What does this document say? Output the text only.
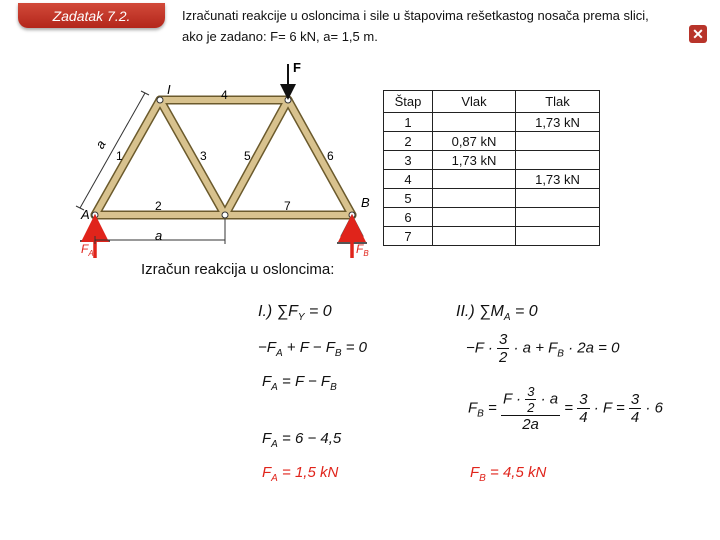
Zadatak 7.2.	Izračunati reakcije u osloncima i sile u štapovima rešetkastog nosača prema slici,
ako je zadano: F= 6 kN, a= 1,5 m.	✕
F
A
B
I
a
a
$F_A$	$F_B$
1
2
3
4
5	6
7
Štap	Vlak	Tlak
1		1,73 kN
2	0,87 kN	
3	1,73 kN	
4		1,73 kN
5		
6		
7		
Izračun reakcija u osloncima:
I.) $\sum F_Y = 0$
$-F_A + F - F_B = 0$
$F_A = F - F_B$
$F_A = 6 - 4,5$
$F_A = 1,5$ kN
II.) $\sum M_A = 0$
$-F \cdot \frac{3}{2} \cdot a + F_B \cdot 2a = 0$
$F_B = \frac{F \cdot \frac{3}{2} \cdot a}{2a} = \frac{3}{4} \cdot F = \frac{3}{4} \cdot 6$
$F_B = 4,5$ kN
